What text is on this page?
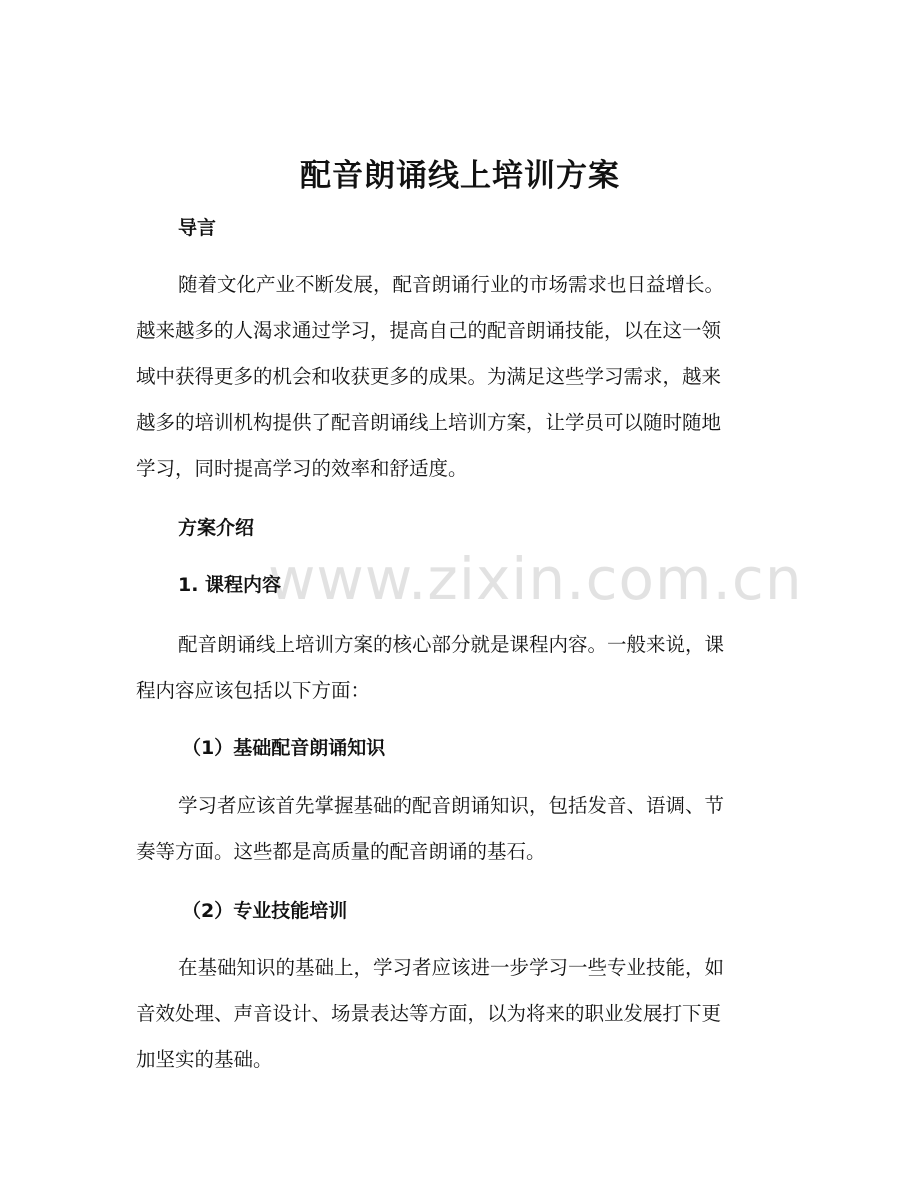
www.zixin.com.cn
配音朗诵线上培训方案
导言
随着文化产业不断发展，配音朗诵行业的市场需求也日益增长。
越来越多的人渴求通过学习，提高自己的配音朗诵技能，以在这一领
域中获得更多的机会和收获更多的成果。为满足这些学习需求，越来
越多的培训机构提供了配音朗诵线上培训方案，让学员可以随时随地
学习，同时提高学习的效率和舒适度。
方案介绍
1. 课程内容
配音朗诵线上培训方案的核心部分就是课程内容。一般来说，课
程内容应该包括以下方面：
（1）基础配音朗诵知识
学习者应该首先掌握基础的配音朗诵知识，包括发音、语调、节
奏等方面。这些都是高质量的配音朗诵的基石。
（2）专业技能培训
在基础知识的基础上，学习者应该进一步学习一些专业技能，如
音效处理、声音设计、场景表达等方面，以为将来的职业发展打下更
加坚实的基础。
